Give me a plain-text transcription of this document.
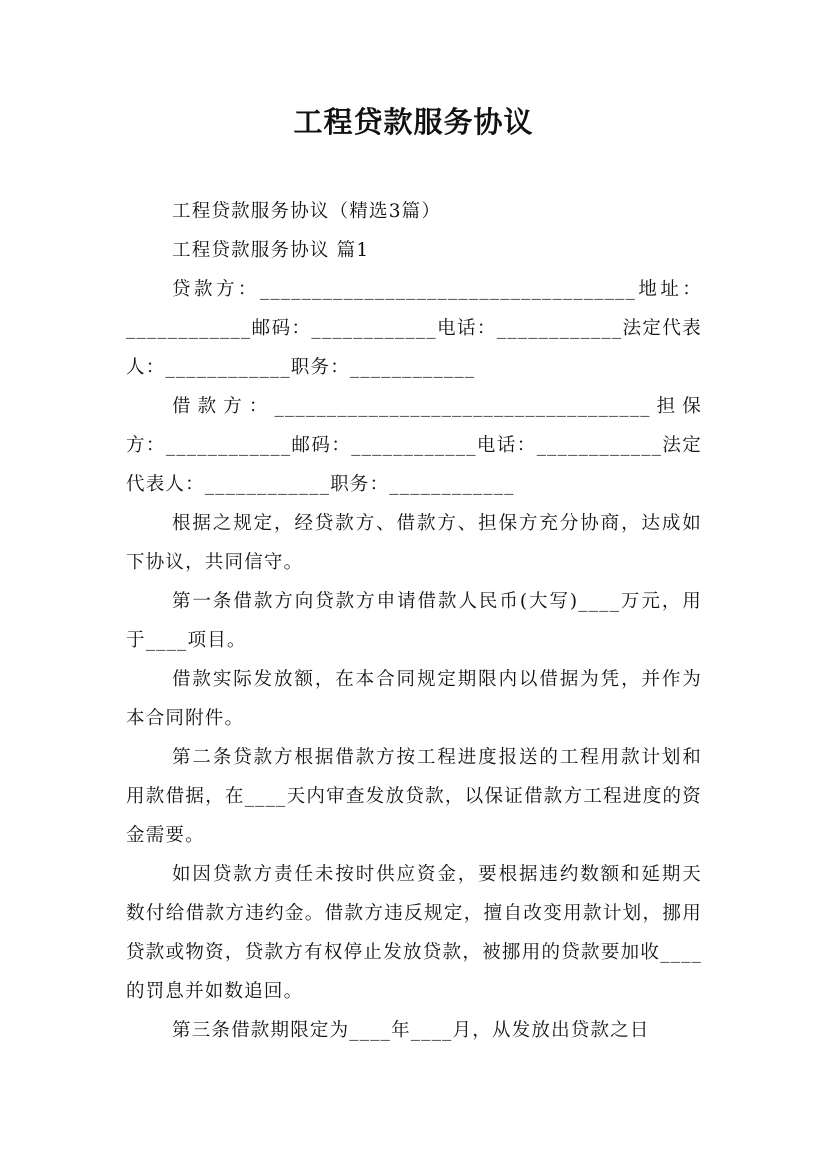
工程贷款服务协议

工程贷款服务协议（精选3篇）

工程贷款服务协议 篇1

贷款方：____________________________________地址：____________邮码：____________电话：____________法定代表人：____________职务：____________

借款方：____________________________________担保方：____________邮码：____________电话：____________法定代表人：____________职务：____________

根据之规定，经贷款方、借款方、担保方充分协商，达成如下协议，共同信守。

第一条借款方向贷款方申请借款人民币(大写)____万元，用于____项目。

借款实际发放额，在本合同规定期限内以借据为凭，并作为本合同附件。

第二条贷款方根据借款方按工程进度报送的工程用款计划和用款借据，在____天内审查发放贷款，以保证借款方工程进度的资金需要。

如因贷款方责任未按时供应资金，要根据违约数额和延期天数付给借款方违约金。借款方违反规定，擅自改变用款计划，挪用贷款或物资，贷款方有权停止发放贷款，被挪用的贷款要加收____的罚息并如数追回。

第三条借款期限定为____年____月，从发放出贷款之日
